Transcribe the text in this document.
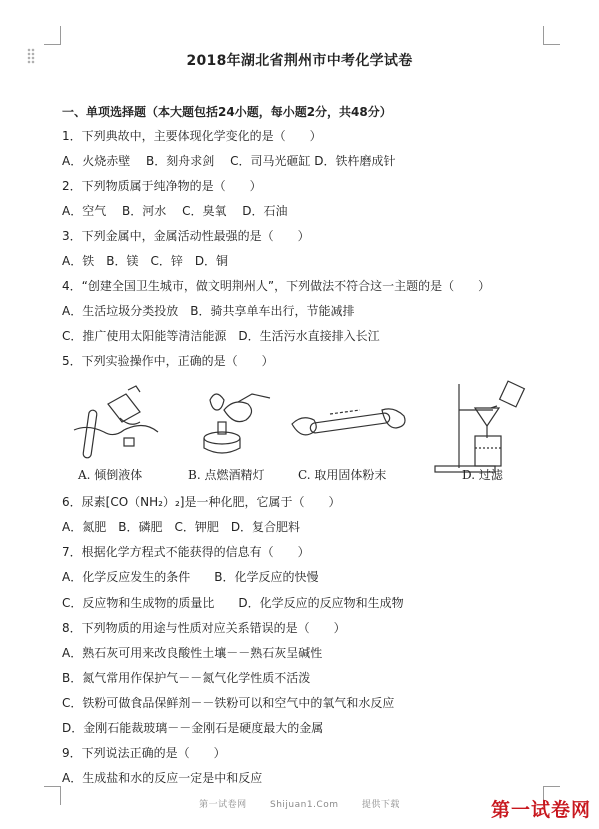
2018年湖北省荆州市中考化学试卷
一、单项选择题（本大题包括24小题，每小题2分，共48分）
1．下列典故中，主要体现化学变化的是（　　）
A．火烧赤壁　 B．刻舟求剑　 C．司马光砸缸 D．铁杵磨成针
2．下列物质属于纯净物的是（　　）
A．空气　 B．河水　 C．臭氧　 D．石油
3．下列金属中，金属活动性最强的是（　　）
A．铁　B．镁　C．锌　D．铜
4．“创建全国卫生城市，做文明荆州人”，下列做法不符合这一主题的是（　　）
A．生活垃圾分类投放　B．骑共享单车出行，节能减排
C．推广使用太阳能等清洁能源　D．生活污水直接排入长江
5．下列实验操作中，正确的是（　　）
A. 倾倒液体	B. 点燃酒精灯	C. 取用固体粉末	D. 过滤
6．尿素[CO（NH₂）₂]是一种化肥，它属于（　　）
A．氮肥　B．磷肥　C．钾肥　D．复合肥料
7．根据化学方程式不能获得的信息有（　　）
A．化学反应发生的条件　　B．化学反应的快慢
C．反应物和生成物的质量比　　D．化学反应的反应物和生成物
8．下列物质的用途与性质对应关系错误的是（　　）
A．熟石灰可用来改良酸性土壤－－熟石灰呈碱性
B．氮气常用作保护气－－氮气化学性质不活泼
C．铁粉可做食品保鲜剂－－铁粉可以和空气中的氧气和水反应
D．金刚石能裁玻璃－－金刚石是硬度最大的金属
9．下列说法正确的是（　　）
A．生成盐和水的反应一定是中和反应
第一试卷网	Shijuan1.Com	提供下载	第一试卷网
